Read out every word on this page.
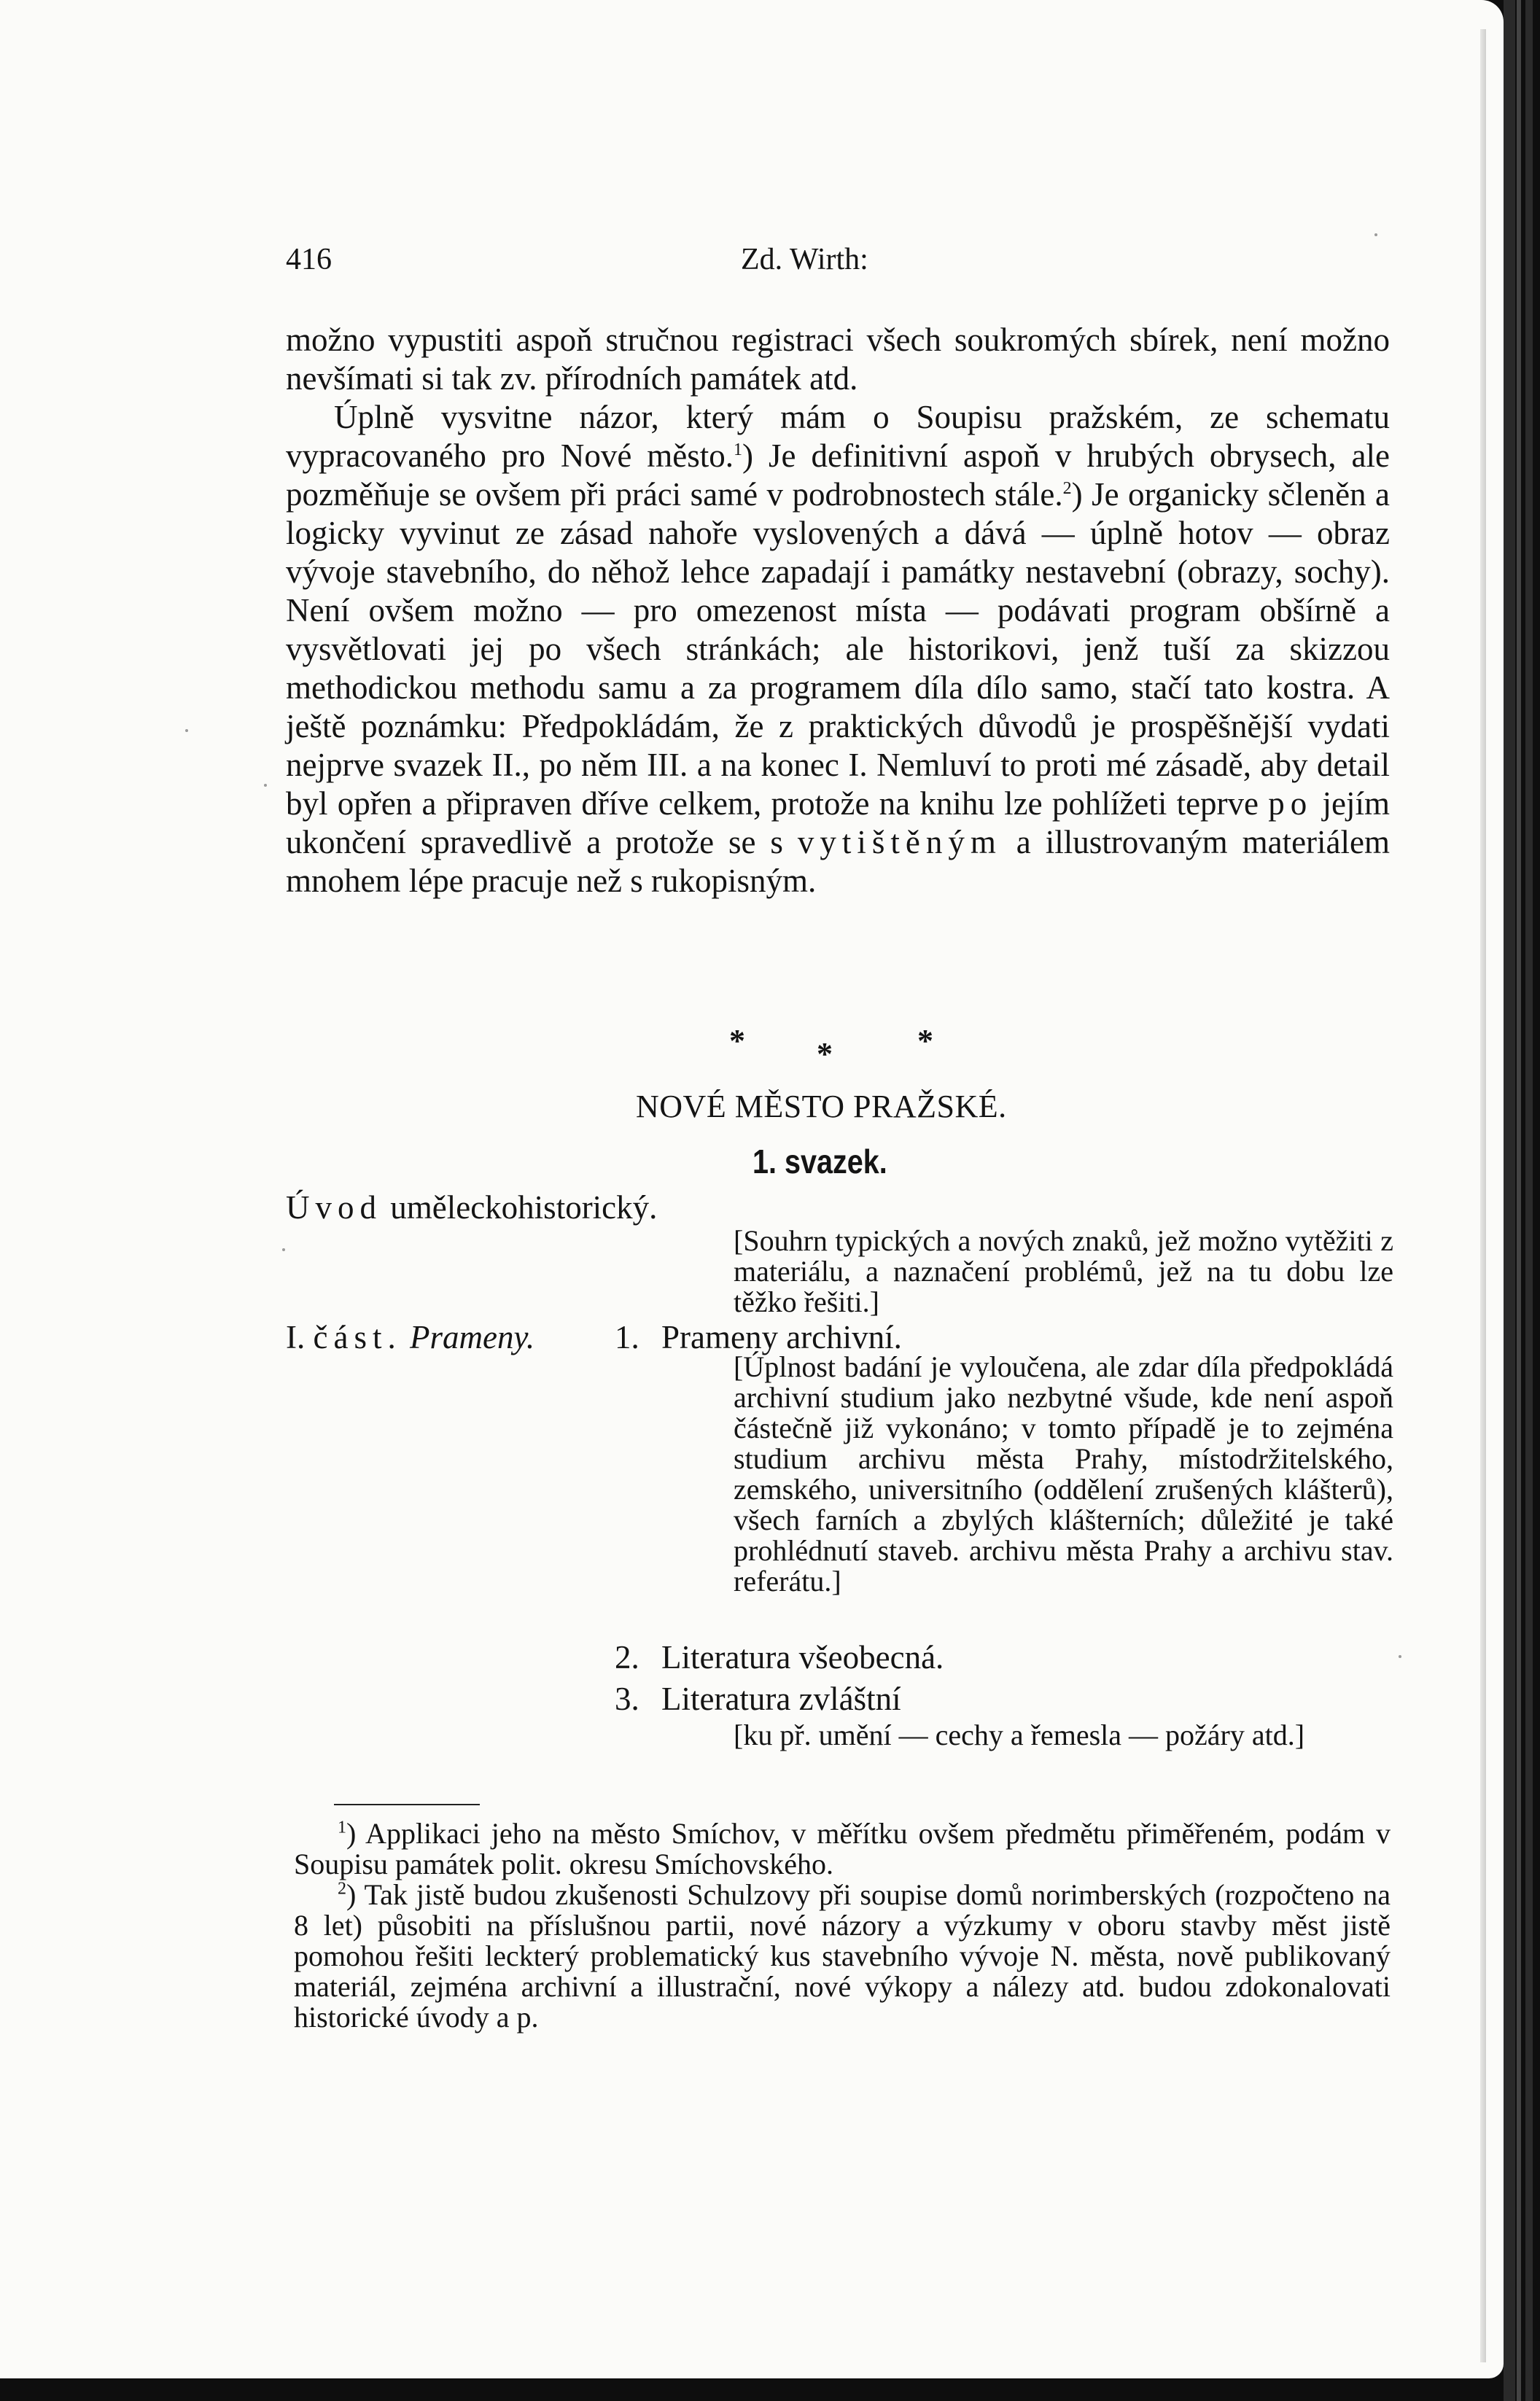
416	Zd. Wirth:

možno vypustiti aspoň stručnou registraci všech soukromých sbírek, není možno nevšímati si tak zv. přírodních památek atd.

Úplně vysvitne názor, který mám o Soupisu pražském, ze schematu vypracovaného pro Nové město.$^1$) Je definitivní aspoň v hrubých obrysech, ale pozměňuje se ovšem při práci samé v podrobnostech stále.$^2$) Je organicky sčleněn a logicky vyvinut ze zásad nahoře vyslovených a dává — úplně hotov — obraz vývoje stavebního, do něhož lehce zapadají i památky nestavební (obrazy, sochy). Není ovšem možno — pro omezenost místa — podávati program obšírně a vysvětlovati jej po všech stránkách; ale historikovi, jenž tuší za skizzou methodickou methodu samu a za programem díla dílo samo, stačí tato kostra. A ještě poznámku: Předpokládám, že z praktických důvodů je prospěšnější vydati nejprve svazek II., po něm III. a na konec I. Nemluví to proti mé zásadě, aby detail byl opřen a připraven dříve celkem, protože na knihu lze pohlížeti teprve po jejím ukončení spravedlivě a protože se s vytištěným a illustrovaným materiálem mnohem lépe pracuje než s rukopisným.

* *	*
NOVÉ MĚSTO PRAŽSKÉ.
1. svazek.
Úvod uměleckohistorický.
[Souhrn typických a nových znaků, jež možno vytěžiti z materiálu, a naznačení problémů, jež na tu dobu lze těžko řešiti.]
I. část. Prameny. 1. Prameny archivní.
[Úplnost badání je vyloučena, ale zdar díla předpokládá archivní studium jako nezbytné všude, kde není aspoň částečně již vykonáno; v tomto případě je to zejména studium archivu města Prahy, místodržitelského, zemského, universitního (oddělení zrušených klášterů), všech farních a zbylých klášterních; důležité je také prohlédnutí staveb. archivu města Prahy a archivu stav. referátu.]
2. Literatura všeobecná.
3. Literatura zvláštní
[ku př. umění — cechy a řemesla — požáry atd.]

$^1$) Applikaci jeho na město Smíchov, v měřítku ovšem předmětu přiměřeném, podám v Soupisu památek polit. okresu Smíchovského.

$^2$) Tak jistě budou zkušenosti Schulzovy při soupise domů norimberských (rozpočteno na 8 let) působiti na příslušnou partii, nové názory a výzkumy v oboru stavby měst jistě pomohou řešiti leckterý problematický kus stavebního vývoje N. města, nově publikovaný materiál, zejména archivní a illustrační, nové výkopy a nálezy atd. budou zdokonalovati historické úvody a p.
